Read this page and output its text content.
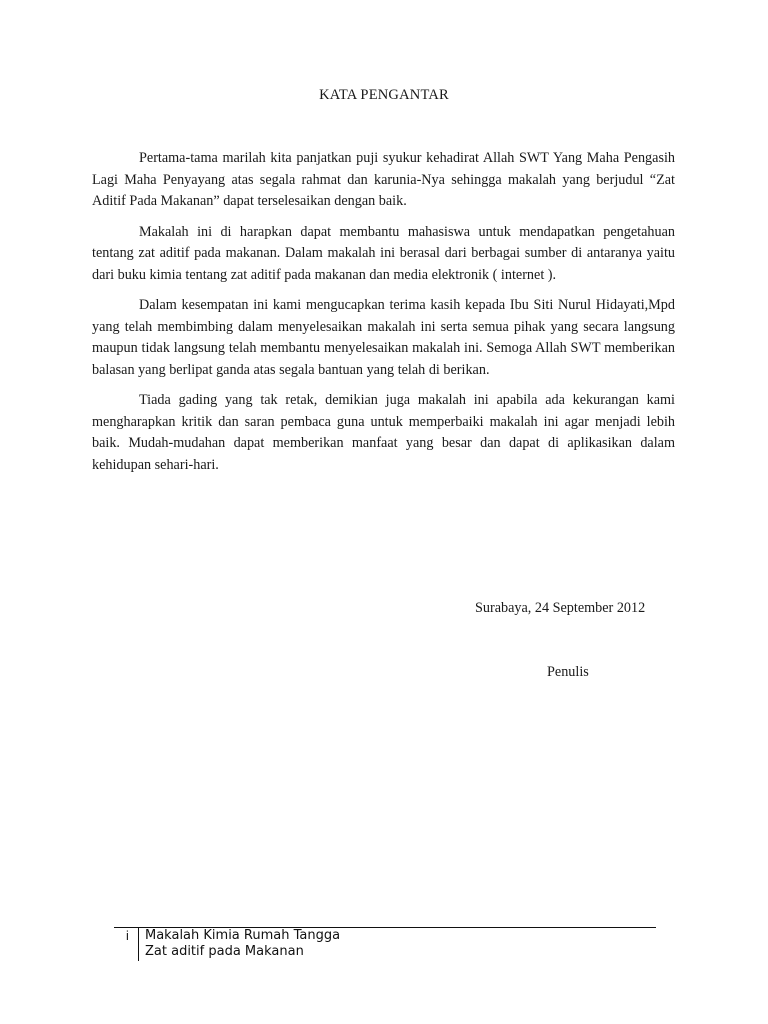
KATA PENGANTAR

Pertama-tama marilah kita panjatkan puji syukur kehadirat Allah SWT Yang Maha Pengasih Lagi Maha Penyayang atas segala rahmat dan karunia-Nya sehingga makalah yang berjudul “Zat Aditif Pada Makanan” dapat terselesaikan dengan baik.

Makalah ini di harapkan dapat membantu mahasiswa untuk mendapatkan pengetahuan tentang zat aditif pada makanan. Dalam makalah ini berasal dari berbagai sumber di antaranya yaitu dari buku kimia tentang zat aditif pada makanan dan media elektronik ( internet ).

Dalam kesempatan ini kami mengucapkan terima kasih kepada Ibu Siti Nurul Hidayati,Mpd yang telah membimbing dalam menyelesaikan makalah ini serta semua pihak yang secara langsung maupun tidak langsung telah membantu menyelesaikan makalah ini. Semoga Allah SWT memberikan balasan yang berlipat ganda atas segala bantuan yang telah di berikan.

Tiada gading yang tak retak, demikian juga makalah ini apabila ada kekurangan kami mengharapkan kritik dan saran pembaca guna untuk memperbaiki makalah ini agar menjadi lebih baik. Mudah-mudahan dapat memberikan manfaat yang besar dan dapat di aplikasikan dalam kehidupan sehari-hari.

Surabaya, 24 September 2012
Penulis
i Makalah Kimia Rumah Tangga
Zat aditif pada Makanan
